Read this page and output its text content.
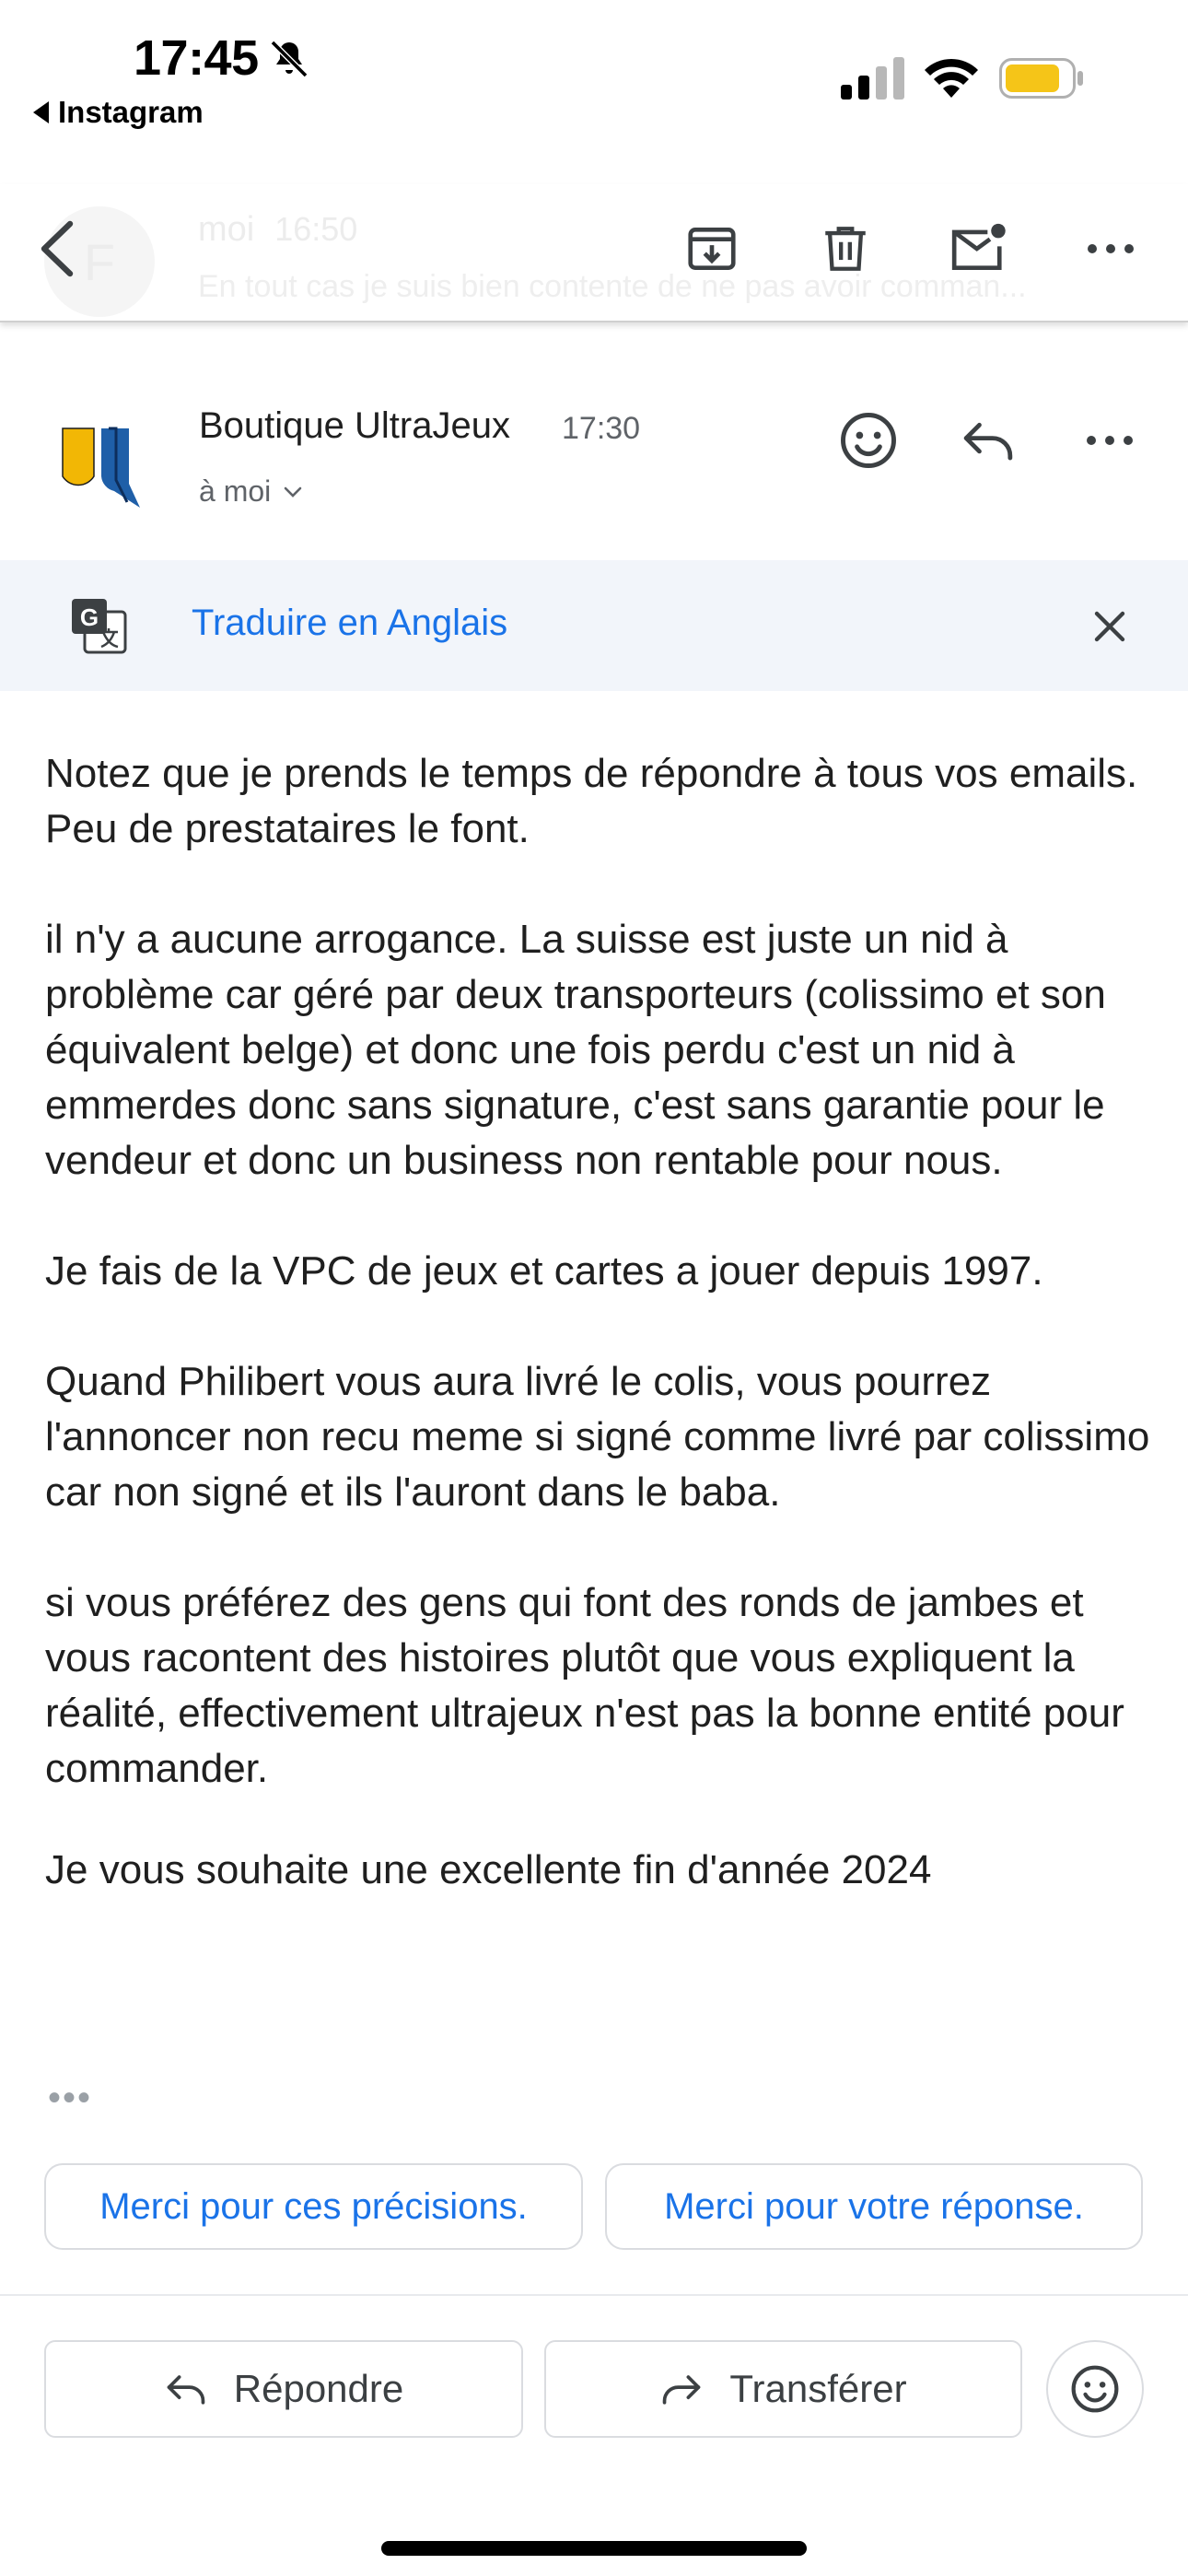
17:45
Instagram
F
moi 16:50
En tout cas je suis bien contente de ne pas avoir comman...
Boutique UltraJeux 17:30
à moi
G	Traduire en Anglais

Notez que je prends le temps de répondre à tous vos emails. Peu de prestataires le font.

il n'y a aucune arrogance. La suisse est juste un nid à problème car géré par deux transporteurs (colissimo et son équivalent belge) et donc une fois perdu c'est un nid à emmerdes donc sans signature, c'est sans garantie pour le vendeur et donc un business non rentable pour nous.

Je fais de la VPC de jeux et cartes a jouer depuis 1997.

Quand Philibert vous aura livré le colis, vous pourrez l'annoncer non recu meme si signé comme livré par colissimo car non signé et ils l'auront dans le baba.

si vous préférez des gens qui font des ronds de jambes et vous racontent des histoires plutôt que vous expliquent la réalité, effectivement ultrajeux n'est pas la bonne entité pour commander.

Je vous souhaite une excellente fin d'année 2024

•••
Merci pour ces précisions.	Merci pour votre réponse.
Répondre	Transférer
